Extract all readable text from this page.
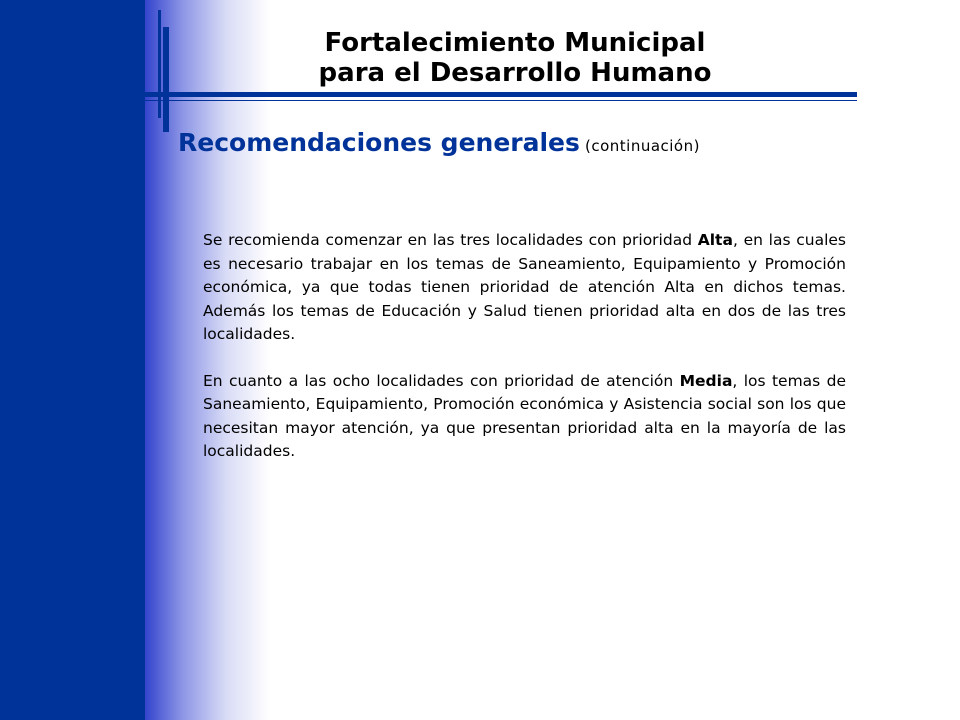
Fortalecimiento Municipal
para el Desarrollo Humano
Recomendaciones generales (continuación)

Se recomienda comenzar en las tres localidades con prioridad Alta, en las cuales es necesario trabajar en los temas de Saneamiento, Equipamiento y Promoción económica, ya que todas tienen prioridad de atención Alta en dichos temas. Además los temas de Educación y Salud tienen prioridad alta en dos de las tres localidades.

En cuanto a las ocho localidades con prioridad de atención Media, los temas de Saneamiento, Equipamiento, Promoción económica y Asistencia social son los que necesitan mayor atención, ya que presentan prioridad alta en la mayoría de las localidades.
